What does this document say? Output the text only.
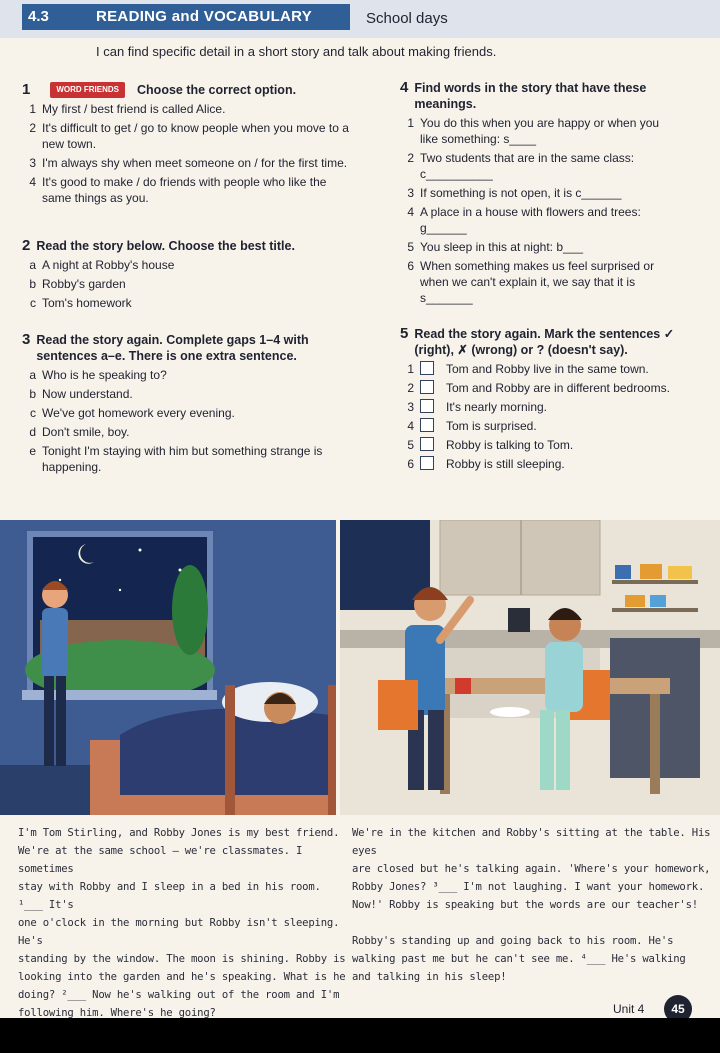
4.3	READING and VOCABULARY	School days
I can find specific detail in a short story and talk about making friends.
1	WORD FRIENDS	Choose the correct option.
1 My first / best friend is called Alice.
2 It's difficult to get / go to know people when you move to a new town.
3 I'm always shy when meet someone on / for the first time.
4 It's good to make / do friends with people who like the same things as you.
2 Read the story below. Choose the best title.
a A night at Robby's house
b Robby's garden
c Tom's homework
3 Read the story again. Complete gaps 1–4 with sentences a–e. There is one extra sentence.
a Who is he speaking to?
b Now understand.
c We've got homework every evening.
d Don't smile, boy.
e Tonight I'm staying with him but something strange is happening.
4 Find words in the story that have these meanings.
1 You do this when you are happy or when you like something: s____
2 Two students that are in the same class: c__________
3 If something is not open, it is c______
4 A place in a house with flowers and trees: g______
5 You sleep in this at night: b___
6 When something makes us feel surprised or when we can't explain it, we say that it is s_______
5 Read the story again. Mark the sentences ✓ (right), ✗ (wrong) or ? (doesn't say).
1	Tom and Robby live in the same town.
2	Tom and Robby are in different bedrooms.
3	It's nearly morning.
4	Tom is surprised.
5	Robby is talking to Tom.
6	Robby is still sleeping.
I'm Tom Stirling, and Robby Jones is my best friend.
We're at the same school – we're classmates. I sometimes
stay with Robby and I sleep in a bed in his room. ¹___ It's
one o'clock in the morning but Robby isn't sleeping. He's
standing by the window. The moon is shining. Robby is
looking into the garden and he's speaking. What is he
doing? ²___ Now he's walking out of the room and I'm
following him. Where's he going?
We're in the kitchen and Robby's sitting at the table. His eyes
are closed but he's talking again. 'Where's your homework,
Robby Jones? ³___ I'm not laughing. I want your homework.
Now!' Robby is speaking but the words are our teacher's!
Robby's standing up and going back to his room. He's
walking past me but he can't see me. ⁴___ He's walking
and talking in his sleep!
Unit 4	45
